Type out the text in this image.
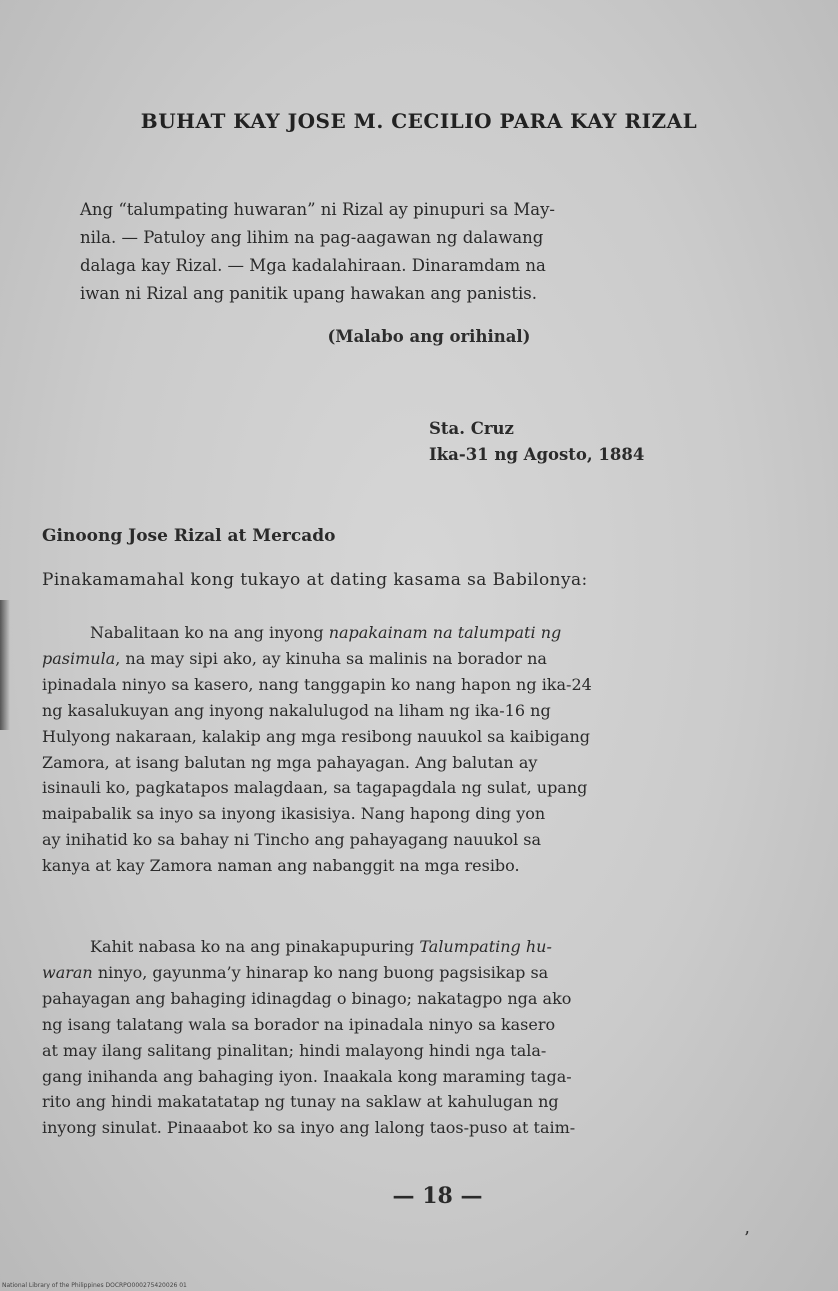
BUHAT KAY JOSE M. CECILIO PARA KAY RIZAL
Ang “talumpating huwaran” ni Rizal ay pinupuri sa May-
nila. — Patuloy ang lihim na pag-aagawan ng dalawang
dalaga kay Rizal. — Mga kadalahiraan. Dinaramdam na
iwan ni Rizal ang panitik upang hawakan ang panistis.
(Malabo ang orihinal)
Sta. Cruz
Ika-31 ng Agosto, 1884
Ginoong Jose Rizal at Mercado
Pinakamamahal kong tukayo at dating kasama sa Babilonya:
Nabalitaan ko na ang inyong napakainam na talumpati ng
pasimula, na may sipi ako, ay kinuha sa malinis na borador na
ipinadala ninyo sa kasero, nang tanggapin ko nang hapon ng ika-24
ng kasalukuyan ang inyong nakalulugod na liham ng ika-16 ng
Hulyong nakaraan, kalakip ang mga resibong nauukol sa kaibigang
Zamora, at isang balutan ng mga pahayagan. Ang balutan ay
isinauli ko, pagkatapos malagdaan, sa tagapagdala ng sulat, upang
maipabalik sa inyo sa inyong ikasisiya. Nang hapong ding yon
ay inihatid ko sa bahay ni Tincho ang pahayagang nauukol sa
kanya at kay Zamora naman ang nabanggit na mga resibo.
Kahit nabasa ko na ang pinakapupuring Talumpating hu-
waran ninyo, gayunma’y hinarap ko nang buong pagsisikap sa
pahayagan ang bahaging idinagdag o binago; nakatagpo nga ako
ng isang talatang wala sa borador na ipinadala ninyo sa kasero
at may ilang salitang pinalitan; hindi malayong hindi nga tala-
gang inihanda ang bahaging iyon. Inaakala kong maraming taga-
rito ang hindi makatatatap ng tunay na saklaw at kahulugan ng
inyong sinulat. Pinaaabot ko sa inyo ang lalong taos-puso at taim-
— 18 —
’
National Library of the Philippines DOCRPO000275420026 01
